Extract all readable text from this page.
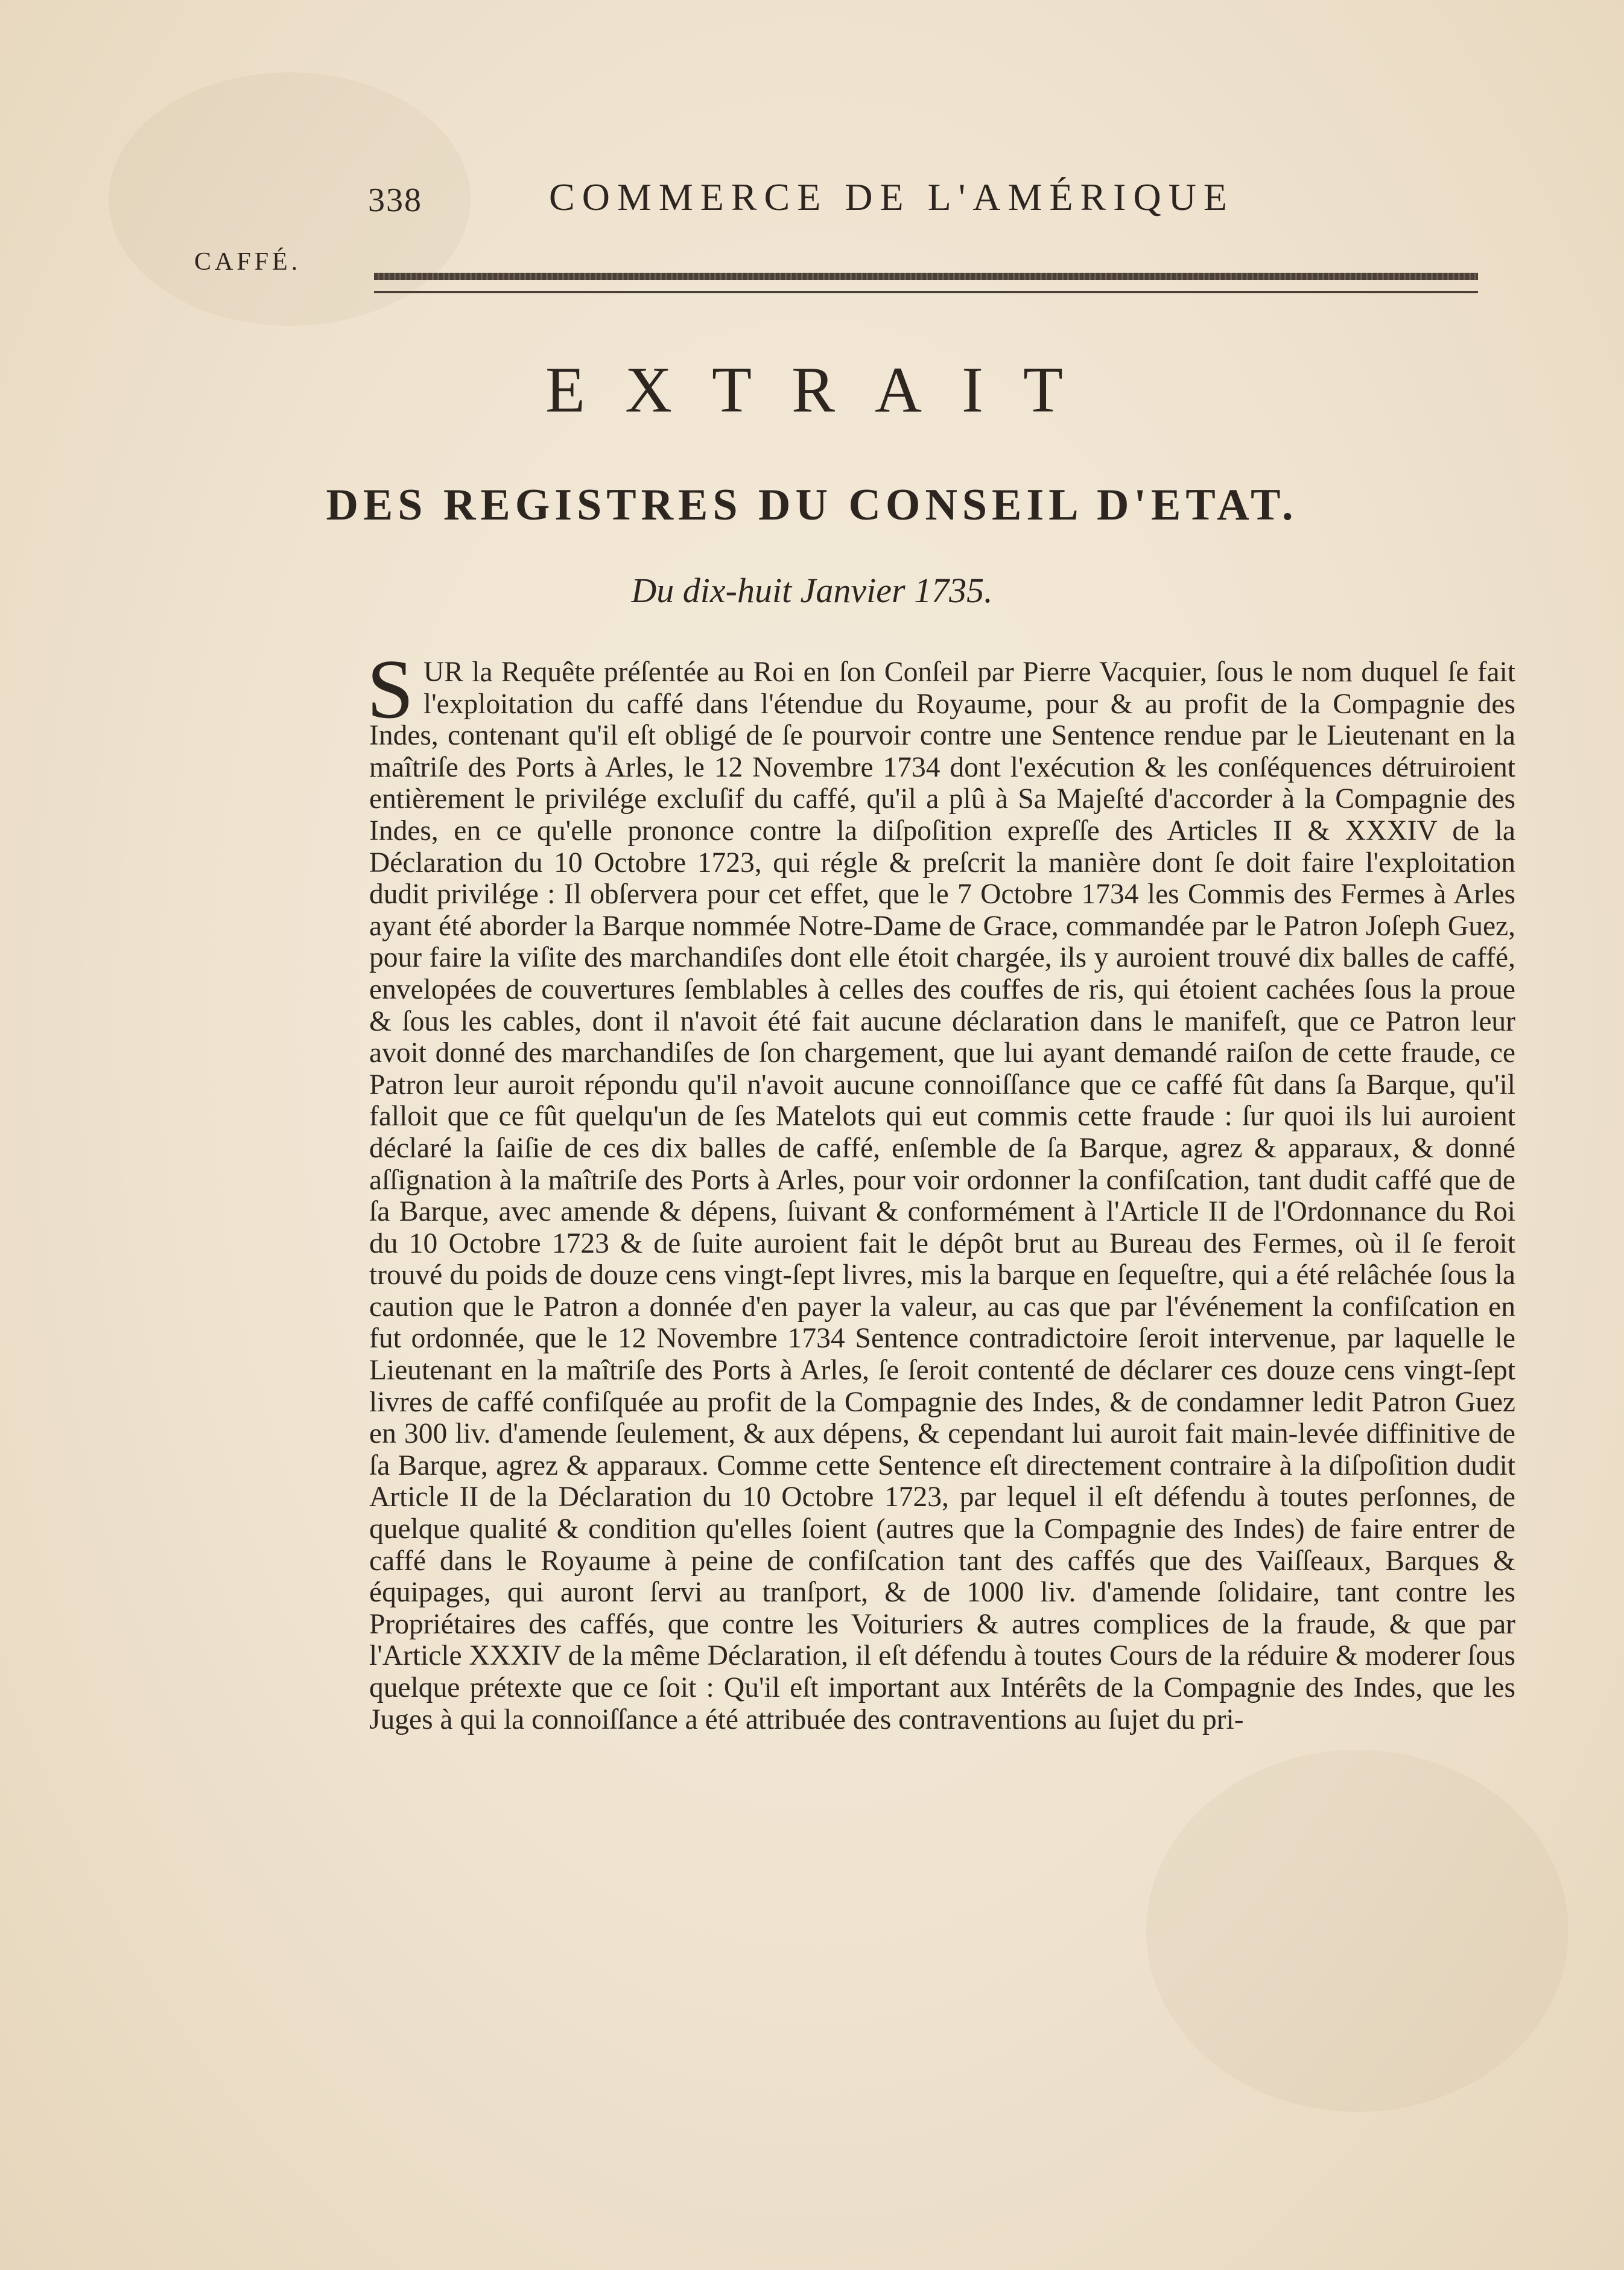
338	COMMERCE DE L'AMÉRIQUE
CAFFÉ.
EXTRAIT
DES REGISTRES DU CONSEIL D'ETAT.
Du dix-huit Janvier 1735.
SUR la Requête préſentée au Roi en ſon Conſeil par Pierre Vacquier, ſous le nom duquel ſe fait l'exploitation du caffé dans l'étendue du Royaume, pour & au profit de la Compagnie des Indes, contenant qu'il eſt obligé de ſe pourvoir contre une Sentence rendue par le Lieutenant en la maîtriſe des Ports à Arles, le 12 Novembre 1734 dont l'exécution & les conſéquences détruiroient entièrement le privilége excluſif du caffé, qu'il a plû à Sa Majeſté d'accorder à la Compagnie des Indes, en ce qu'elle prononce contre la diſpoſition expreſſe des Articles II & XXXIV de la Déclaration du 10 Octobre 1723, qui régle & preſcrit la manière dont ſe doit faire l'exploitation dudit privilége : Il obſervera pour cet effet, que le 7 Octobre 1734 les Commis des Fermes à Arles ayant été aborder la Barque nommée Notre-Dame de Grace, commandée par le Patron Joſeph Guez, pour faire la viſite des marchandiſes dont elle étoit chargée, ils y auroient trouvé dix balles de caffé, envelopées de couvertures ſemblables à celles des couffes de ris, qui étoient cachées ſous la proue & ſous les cables, dont il n'avoit été fait aucune déclaration dans le manifeſt, que ce Patron leur avoit donné des marchandiſes de ſon chargement, que lui ayant demandé raiſon de cette fraude, ce Patron leur auroit répondu qu'il n'avoit aucune connoiſſance que ce caffé fût dans ſa Barque, qu'il falloit que ce fût quelqu'un de ſes Matelots qui eut commis cette fraude : ſur quoi ils lui auroient déclaré la ſaiſie de ces dix balles de caffé, enſemble de ſa Barque, agrez & apparaux, & donné aſſignation à la maîtriſe des Ports à Arles, pour voir ordonner la confiſcation, tant dudit caffé que de ſa Barque, avec amende & dépens, ſuivant & conformément à l'Article II de l'Ordonnance du Roi du 10 Octobre 1723 & de ſuite auroient fait le dépôt brut au Bureau des Fermes, où il ſe feroit trouvé du poids de douze cens vingt-ſept livres, mis la barque en ſequeſtre, qui a été relâchée ſous la caution que le Patron a donnée d'en payer la valeur, au cas que par l'événement la confiſcation en fut ordonnée, que le 12 Novembre 1734 Sentence contradictoire ſeroit intervenue, par laquelle le Lieutenant en la maîtriſe des Ports à Arles, ſe ſeroit contenté de déclarer ces douze cens vingt-ſept livres de caffé confiſquée au profit de la Compagnie des Indes, & de condamner ledit Patron Guez en 300 liv. d'amende ſeulement, & aux dépens, & cependant lui auroit fait main-levée diffinitive de ſa Barque, agrez & apparaux. Comme cette Sentence eſt directement contraire à la diſpoſition dudit Article II de la Déclaration du 10 Octobre 1723, par lequel il eſt défendu à toutes perſonnes, de quelque qualité & condition qu'elles ſoient (autres que la Compagnie des Indes) de faire entrer de caffé dans le Royaume à peine de confiſcation tant des caffés que des Vaiſſeaux, Barques & équipages, qui auront ſervi au tranſport, & de 1000 liv. d'amende ſolidaire, tant contre les Propriétaires des caffés, que contre les Voituriers & autres complices de la fraude, & que par l'Article XXXIV de la même Déclaration, il eſt défendu à toutes Cours de la réduire & moderer ſous quelque prétexte que ce ſoit : Qu'il eſt important aux Intérêts de la Compagnie des Indes, que les Juges à qui la connoiſſance a été attribuée des contraventions au ſujet du pri-
